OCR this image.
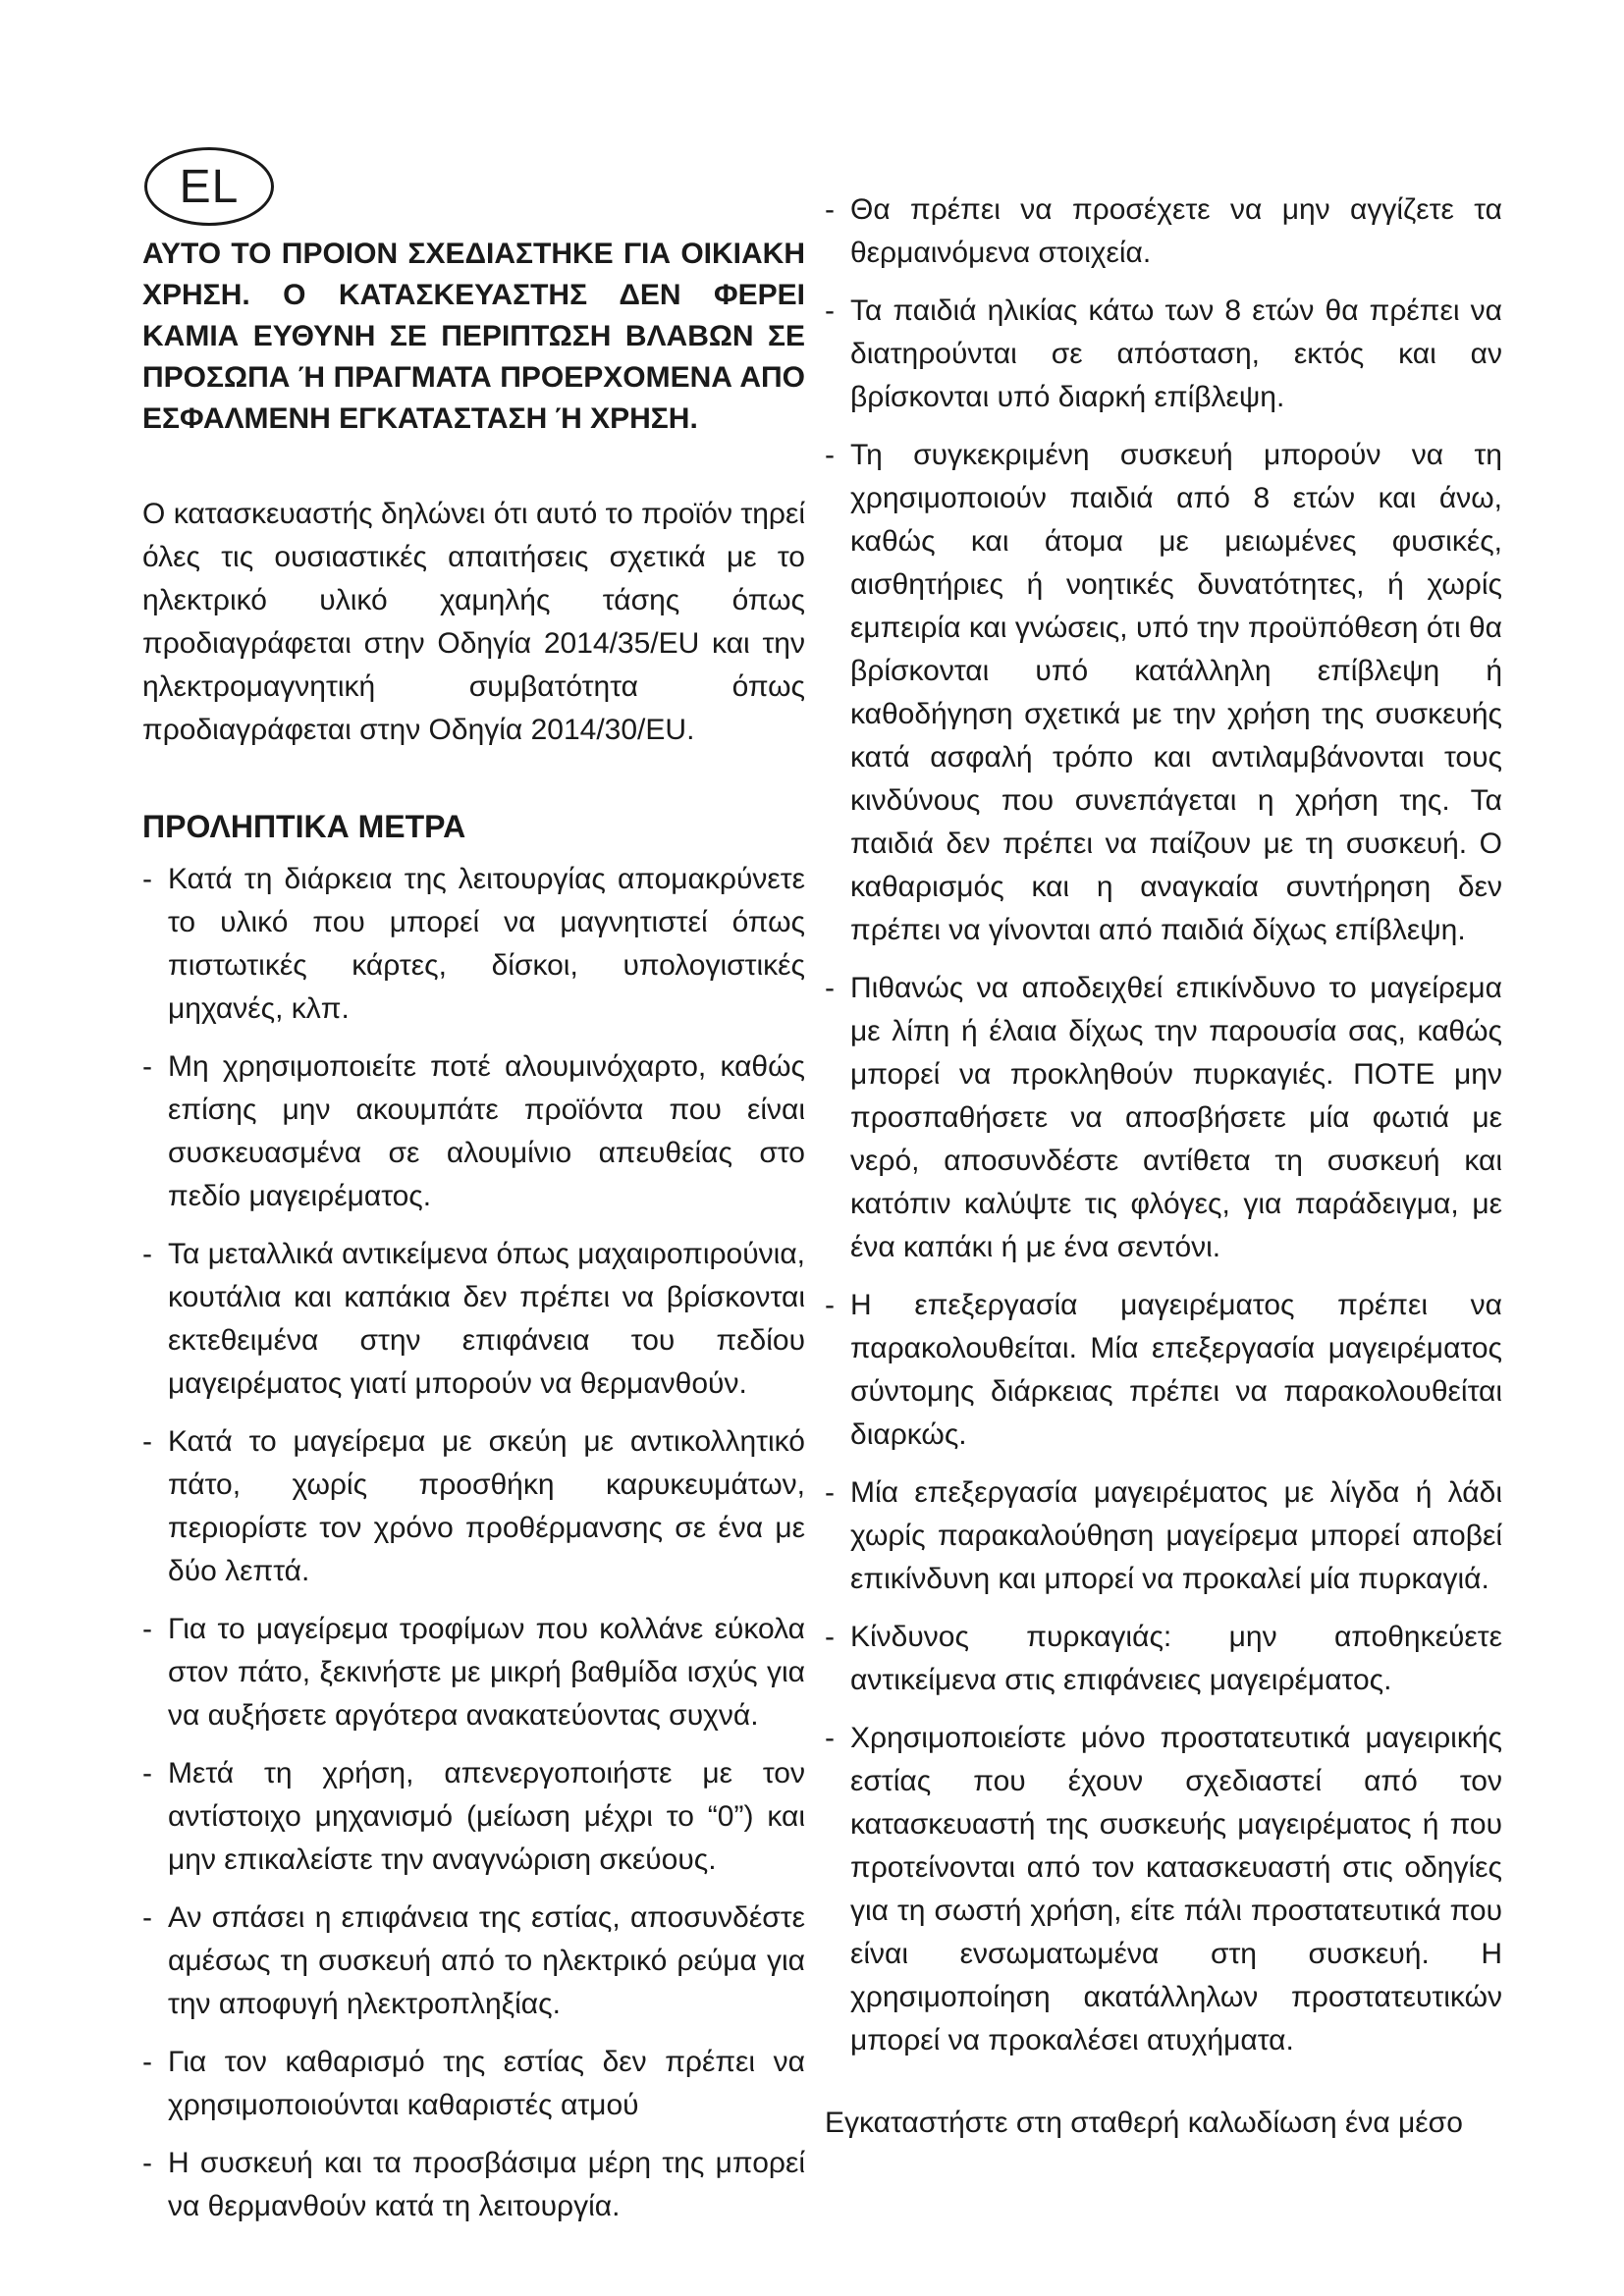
EL

ΑΥΤΟ ΤΟ ΠΡΟΙΟΝ ΣΧΕΔΙΑΣΤΗΚΕ ΓΙΑ ΟΙΚΙΑΚΗ ΧΡΗΣΗ. Ο ΚΑΤΑΣΚΕΥΑΣΤΗΣ ΔΕΝ ΦΕΡΕΙ ΚΑΜΙΑ ΕΥΘΥΝΗ ΣΕ ΠΕΡΙΠΤΩΣΗ ΒΛΑΒΩΝ ΣΕ ΠΡΟΣΩΠΑ Ή ΠΡΑΓΜΑΤΑ ΠΡΟΕΡΧΟΜΕΝΑ ΑΠΟ ΕΣΦΑΛΜΕΝΗ ΕΓΚΑΤΑΣΤΑΣΗ Ή ΧΡΗΣΗ.

Ο κατασκευαστής δηλώνει ότι αυτό το προϊόν τηρεί όλες τις ουσιαστικές απαιτήσεις σχετικά με το ηλεκτρικό υλικό χαμηλής τάσης όπως προδιαγράφεται στην Οδηγία 2014/35/EU και την ηλεκτρομαγνητική συμβατότητα όπως προδιαγράφεται στην Οδηγία 2014/30/EU.

ΠΡΟΛΗΠΤΙΚΑ ΜΕΤΡΑ
- Κατά τη διάρκεια της λειτουργίας απομακρύνετε το υλικό που μπορεί να μαγνητιστεί όπως πιστωτικές κάρτες, δίσκοι, υπολογιστικές μηχανές, κλπ.
- Μη χρησιμοποιείτε ποτέ αλουμινόχαρτο, καθώς επίσης μην ακουμπάτε προϊόντα που είναι συσκευασμένα σε αλουμίνιο απευθείας στο πεδίο μαγειρέματος.
- Τα μεταλλικά αντικείμενα όπως μαχαιροπιρούνια, κουτάλια και καπάκια δεν πρέπει να βρίσκονται εκτεθειμένα στην επιφάνεια του πεδίου μαγειρέματος γιατί μπορούν να θερμανθούν.
- Κατά το μαγείρεμα με σκεύη με αντικολλητικό πάτο, χωρίς προσθήκη καρυκευμάτων, περιορίστε τον χρόνο προθέρμανσης σε ένα με δύο λεπτά.
- Για το μαγείρεμα τροφίμων που κολλάνε εύκολα στον πάτο, ξεκινήστε με μικρή βαθμίδα ισχύς για να αυξήσετε αργότερα ανακατεύοντας συχνά.
- Μετά τη χρήση, απενεργοποιήστε με τον αντίστοιχο μηχανισμό (μείωση μέχρι το “0”) και μην επικαλείστε την αναγνώριση σκεύους.
- Αν σπάσει η επιφάνεια της εστίας, αποσυνδέστε αμέσως τη συσκευή από το ηλεκτρικό ρεύμα για την αποφυγή ηλεκτροπληξίας.
- Για τον καθαρισμό της εστίας δεν πρέπει να χρησιμοποιούνται καθαριστές ατμού
- Η συσκευή και τα προσβάσιμα μέρη της μπορεί να θερμανθούν κατά τη λειτουργία.
- Θα πρέπει να προσέχετε να μην αγγίζετε τα θερμαινόμενα στοιχεία.
- Τα παιδιά ηλικίας κάτω των 8 ετών θα πρέπει να διατηρούνται σε απόσταση, εκτός και αν βρίσκονται υπό διαρκή επίβλεψη.
- Τη συγκεκριμένη συσκευή μπορούν να τη χρησιμοποιούν παιδιά από 8 ετών και άνω, καθώς και άτομα με μειωμένες φυσικές, αισθητήριες ή νοητικές δυνατότητες, ή χωρίς εμπειρία και γνώσεις, υπό την προϋπόθεση ότι θα βρίσκονται υπό κατάλληλη επίβλεψη ή καθοδήγηση σχετικά με την χρήση της συσκευής κατά ασφαλή τρόπο και αντιλαμβάνονται τους κινδύνους που συνεπάγεται η χρήση της. Τα παιδιά δεν πρέπει να παίζουν με τη συσκευή. Ο καθαρισμός και η αναγκαία συντήρηση δεν πρέπει να γίνονται από παιδιά δίχως επίβλεψη.
- Πιθανώς να αποδειχθεί επικίνδυνο το μαγείρεμα με λίπη ή έλαια δίχως την παρουσία σας, καθώς μπορεί να προκληθούν πυρκαγιές. ΠΟΤΕ μην προσπαθήσετε να αποσβήσετε μία φωτιά με νερό, αποσυνδέστε αντίθετα τη συσκευή και κατόπιν καλύψτε τις φλόγες, για παράδειγμα, με ένα καπάκι ή με ένα σεντόνι.
- Η επεξεργασία μαγειρέματος πρέπει να παρακολουθείται. Μία επεξεργασία μαγειρέματος σύντομης διάρκειας πρέπει να παρακολουθείται διαρκώς.
- Μία επεξεργασία μαγειρέματος με λίγδα ή λάδι χωρίς παρακαλούθηση μαγείρεμα μπορεί αποβεί επικίνδυνη και μπορεί να προκαλεί μία πυρκαγιά.
- Κίνδυνος πυρκαγιάς: μην αποθηκεύετε αντικείμενα στις επιφάνειες μαγειρέματος.
- Χρησιμοποιείστε μόνο προστατευτικά μαγειρικής εστίας που έχουν σχεδιαστεί από τον κατασκευαστή της συσκευής μαγειρέματος ή που προτείνονται από τον κατασκευαστή στις οδηγίες για τη σωστή χρήση, είτε πάλι προστατευτικά που είναι ενσωματωμένα στη συσκευή. Η χρησιμοποίηση ακατάλληλων προστατευτικών μπορεί να προκαλέσει ατυχήματα.

Εγκαταστήστε στη σταθερή καλωδίωση ένα μέσο
